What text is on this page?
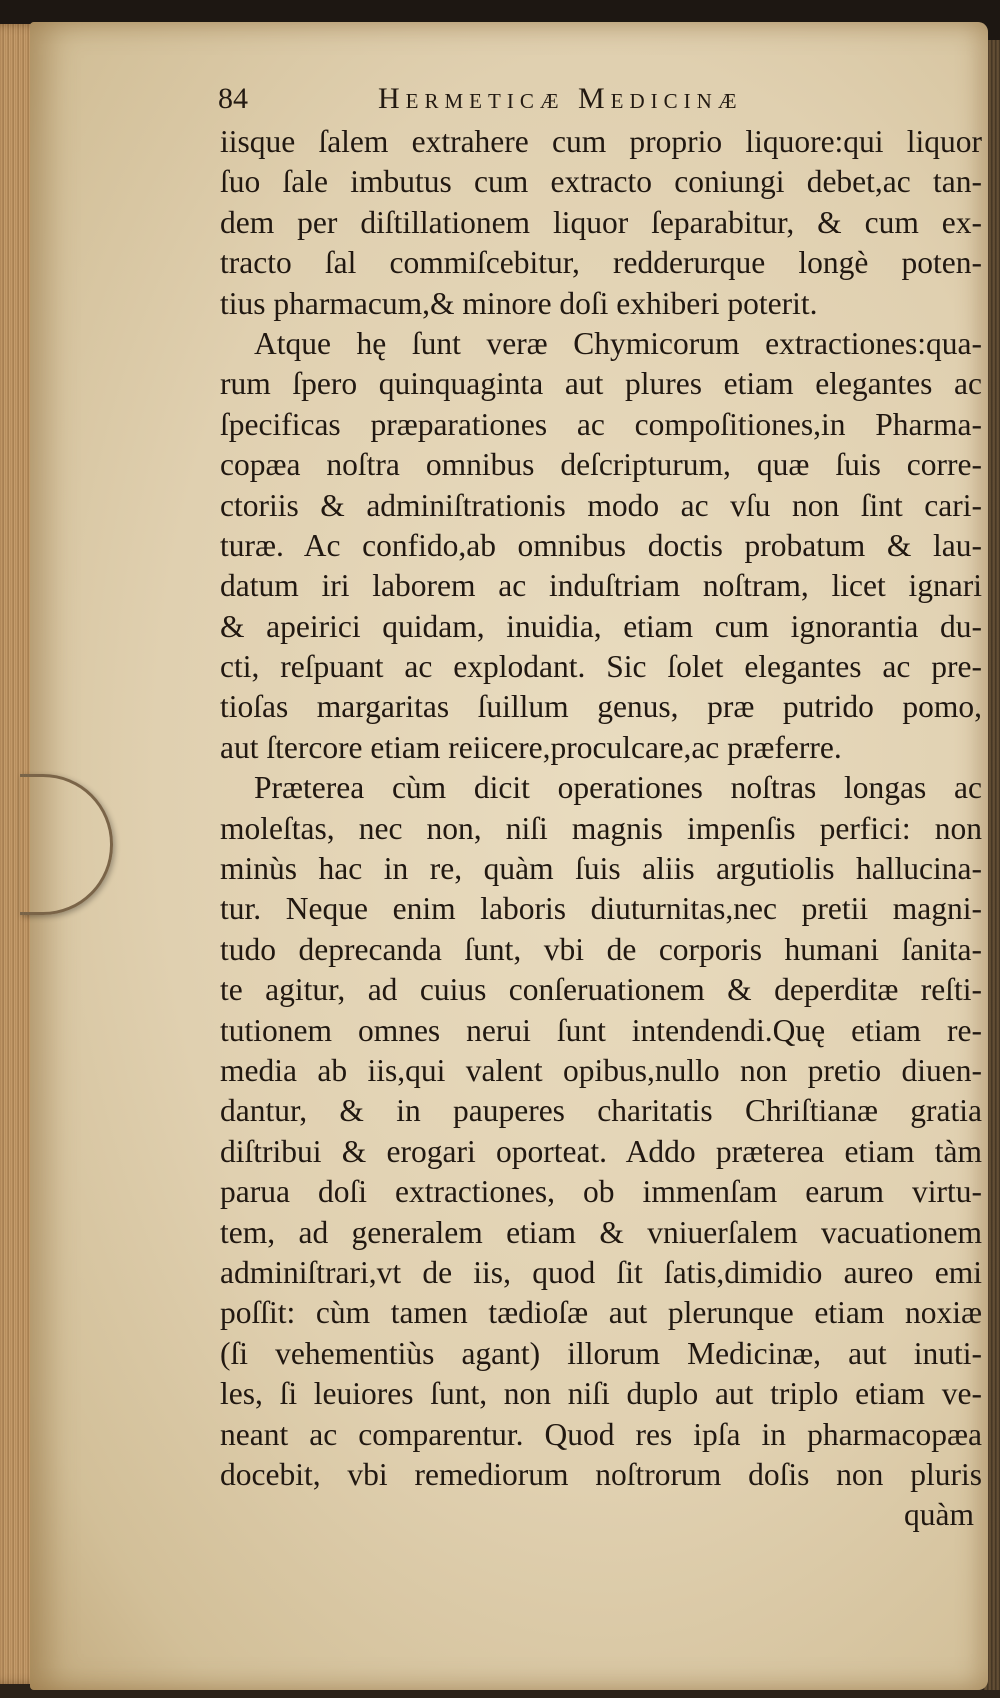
84	Hermeticæ Medicinæ
iisque ſalem extrahere cum proprio liquore:qui liquor
ſuo ſale imbutus cum extracto coniungi debet,ac tan-
dem per diſtillationem liquor ſeparabitur, & cum ex-
tracto ſal commiſcebitur, redderurque longè poten-
tius pharmacum,& minore doſi exhiberi poterit.
Atque hę ſunt veræ Chymicorum extractiones:qua-
rum ſpero quinquaginta aut plures etiam elegantes ac
ſpecificas præparationes ac compoſitiones,in Pharma-
copæa noſtra omnibus deſcripturum, quæ ſuis corre-
ctoriis & adminiſtrationis modo ac vſu non ſint cari-
turæ. Ac confido,ab omnibus doctis probatum & lau-
datum iri laborem ac induſtriam noſtram, licet ignari
& apeirici quidam, inuidia, etiam cum ignorantia du-
cti, reſpuant ac explodant. Sic ſolet elegantes ac pre-
tioſas margaritas ſuillum genus, præ putrido pomo,
aut ſtercore etiam reiicere,proculcare,ac præferre.
Præterea cùm dicit operationes noſtras longas ac
moleſtas, nec non, niſi magnis impenſis perfici: non
minùs hac in re, quàm ſuis aliis argutiolis hallucina-
tur. Neque enim laboris diuturnitas,nec pretii magni-
tudo deprecanda ſunt, vbi de corporis humani ſanita-
te agitur, ad cuius conſeruationem & deperditæ reſti-
tutionem omnes nerui ſunt intendendi.Quę etiam re-
media ab iis,qui valent opibus,nullo non pretio diuen-
dantur, & in pauperes charitatis Chriſtianæ gratia
diſtribui & erogari oporteat. Addo præterea etiam tàm
parua doſi extractiones, ob immenſam earum virtu-
tem, ad generalem etiam & vniuerſalem vacuationem
adminiſtrari,vt de iis, quod ſit ſatis,dimidio aureo emi
poſſit: cùm tamen tædioſæ aut plerunque etiam noxiæ
(ſi vehementiùs agant) illorum Medicinæ, aut inuti-
les, ſi leuiores ſunt, non niſi duplo aut triplo etiam ve-
neant ac comparentur. Quod res ipſa in pharmacopæa
docebit, vbi remediorum noſtrorum doſis non pluris
quàm
